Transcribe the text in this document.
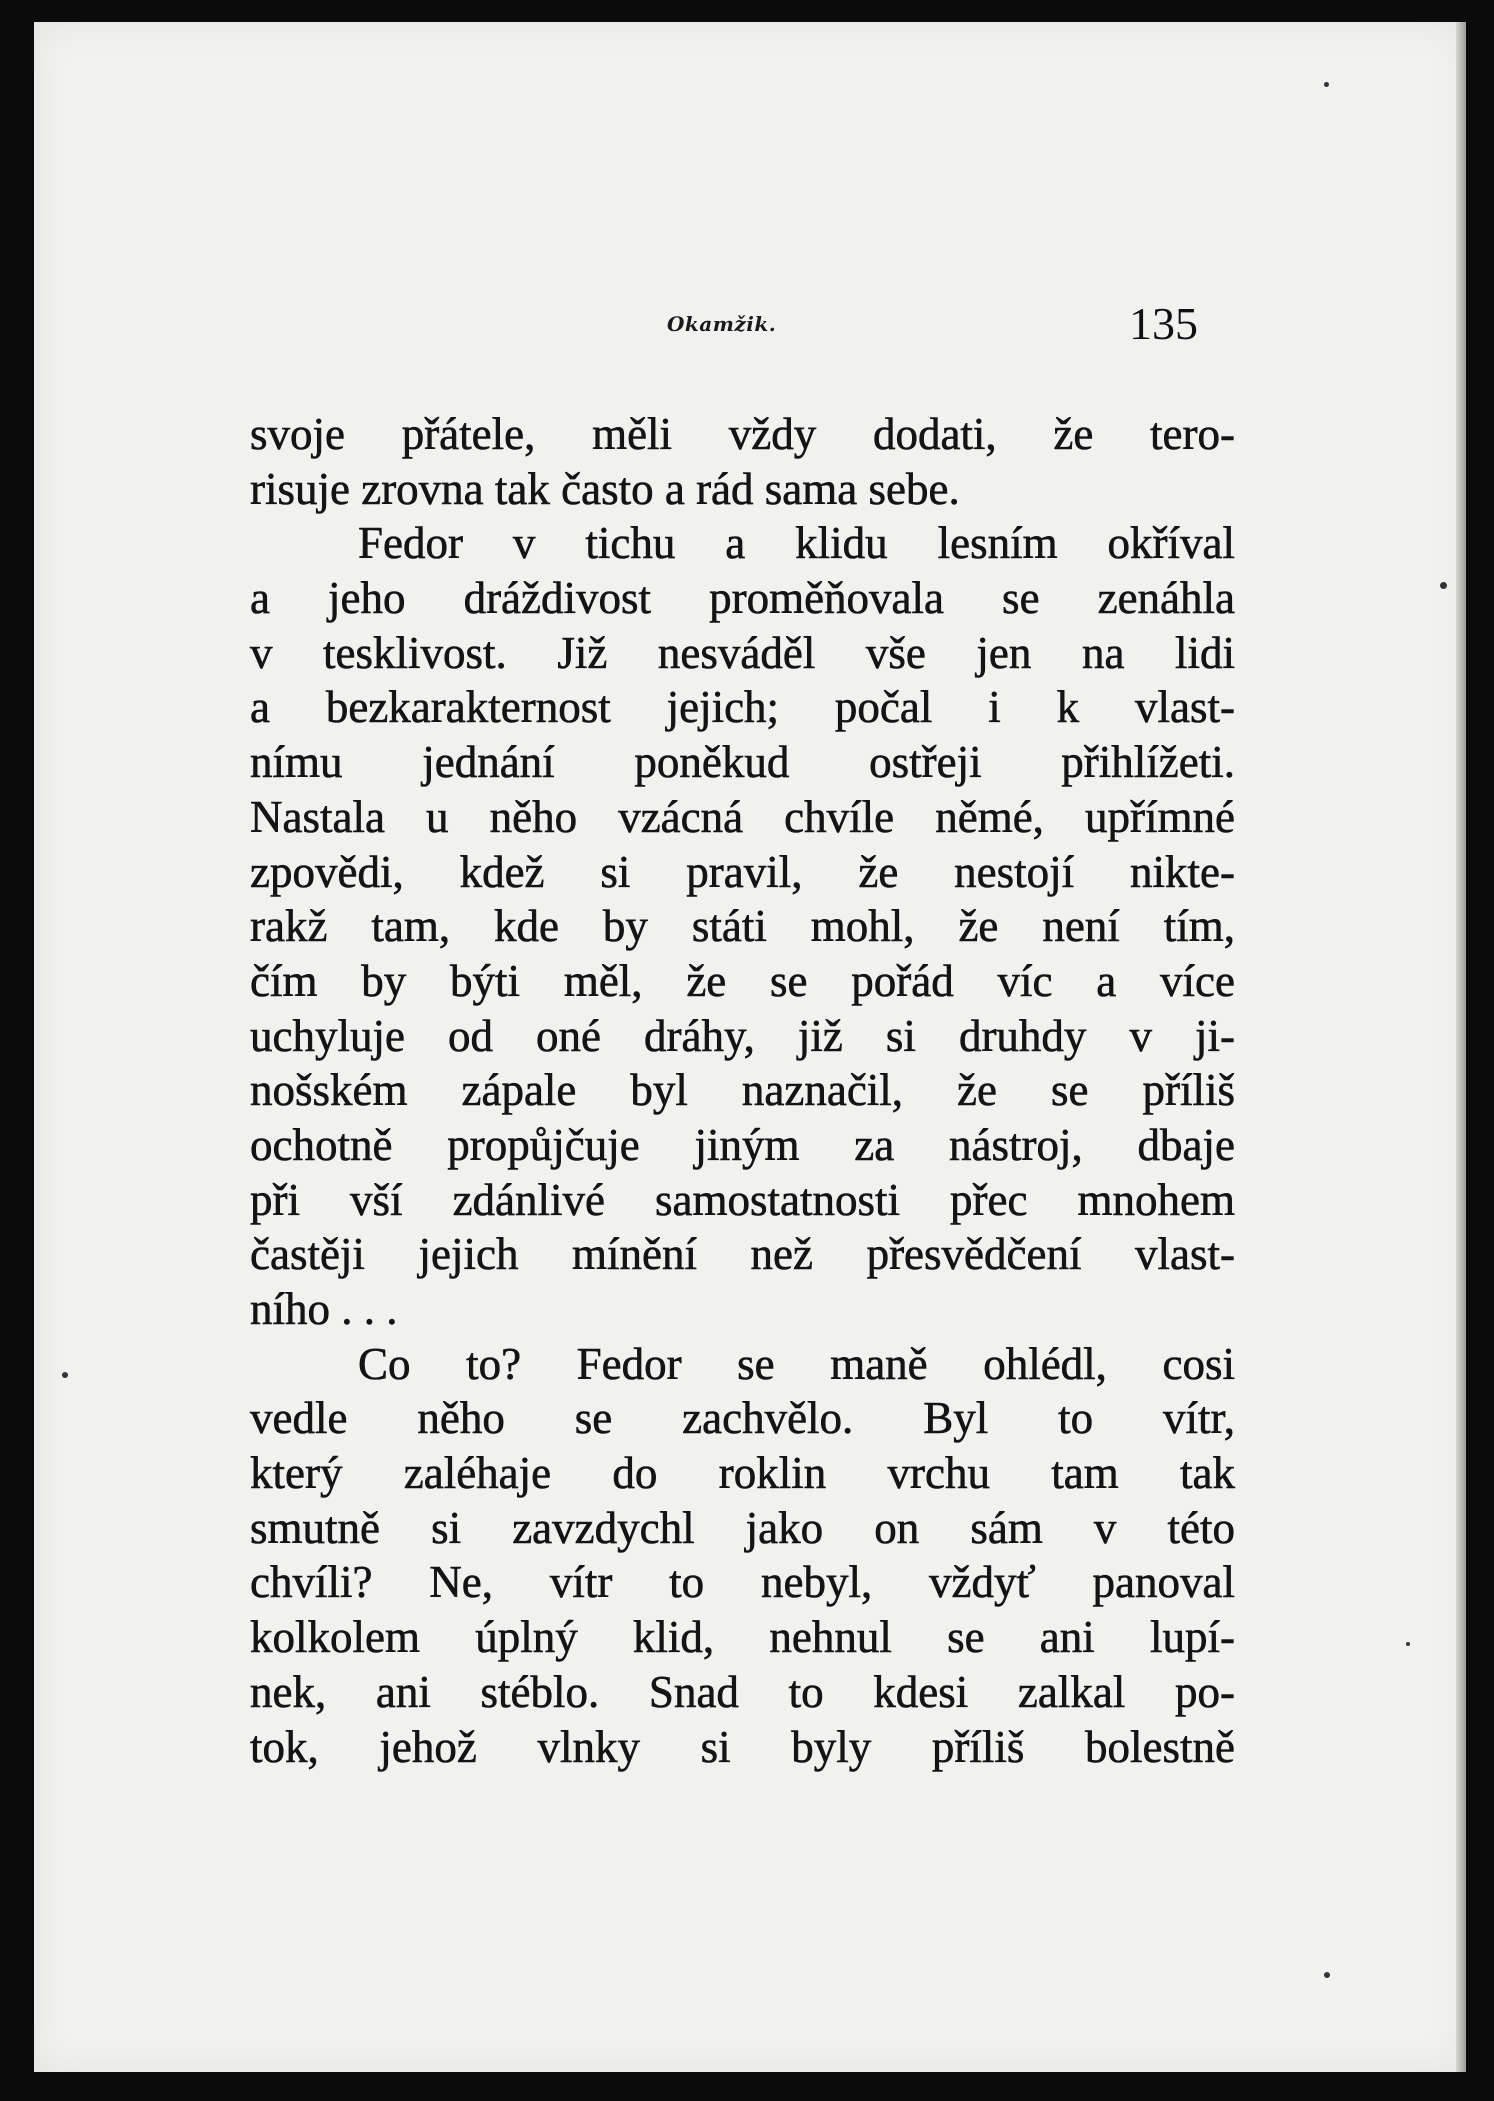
Okamžik.	135
svoje přátele, měli vždy dodati, že tero-
risuje zrovna tak často a rád sama sebe.
Fedor v tichu a klidu lesním okříval
a jeho dráždivost proměňovala se zenáhla
v tesklivost. Již nesváděl vše jen na lidi
a bezkarakternost jejich; počal i k vlast-
nímu jednání poněkud ostřeji přihlížeti.
Nastala u něho vzácná chvíle němé, upřímné
zpovědi, kdež si pravil, že nestojí nikte-
rakž tam, kde by státi mohl, že není tím,
čím by býti měl, že se pořád víc a více
uchyluje od oné dráhy, již si druhdy v ji-
nošském zápale byl naznačil, že se příliš
ochotně propůjčuje jiným za nástroj, dbaje
při vší zdánlivé samostatnosti přec mnohem
častěji jejich mínění než přesvědčení vlast-
ního . . .
Co to? Fedor se maně ohlédl, cosi
vedle něho se zachvělo. Byl to vítr,
který zaléhaje do roklin vrchu tam tak
smutně si zavzdychl jako on sám v této
chvíli? Ne, vítr to nebyl, vždyť panoval
kolkolem úplný klid, nehnul se ani lupí-
nek, ani stéblo. Snad to kdesi zalkal po-
tok, jehož vlnky si byly příliš bolestně
